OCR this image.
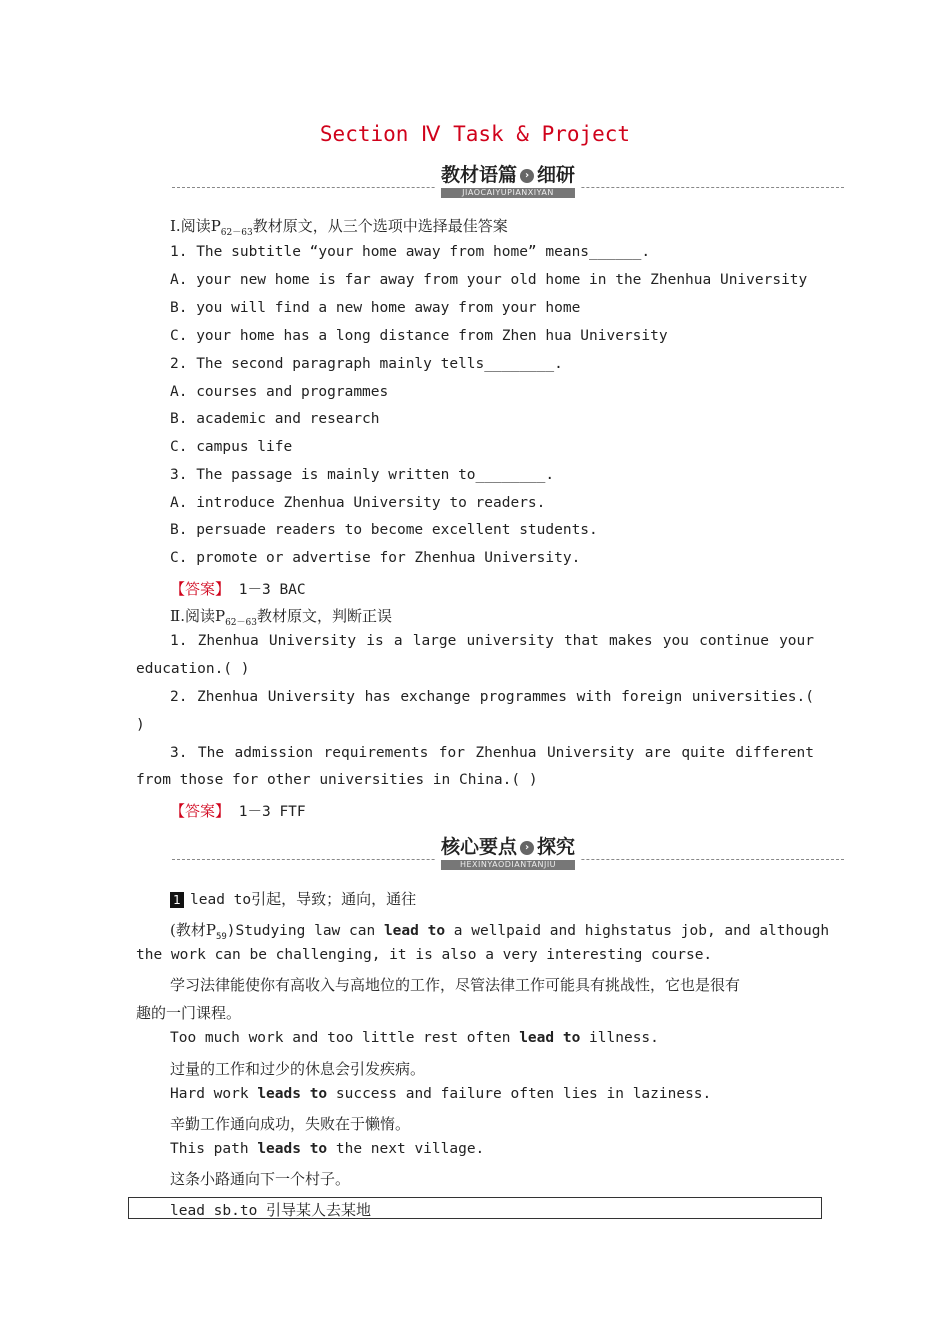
Section Ⅳ Task & Project
教材语篇 › 细研
JIAOCAIYUPIANXIYAN
Ⅰ.阅读$P_{62-63}$教材原文，从三个选项中选择最佳答案
1. The subtitle “your home away from home” means______.
A. your new home is far away from your old home in the Zhenhua University
B. you will find a new home away from your home
C. your home has a long distance from Zhen hua University
2. The second paragraph mainly tells________.
A. courses and programmes
B. academic and research
C. campus life
3. The passage is mainly written to________.
A. introduce Zhenhua University to readers.
B. persuade readers to become excellent students.
C. promote or advertise for Zhenhua University.
【答案】 1－3 BAC
Ⅱ.阅读$P_{62-63}$教材原文，判断正误
1. Zhenhua University is a large university that makes you continue your
education.( )
2. Zhenhua University has exchange programmes with foreign universities.(
)
3. The admission requirements for Zhenhua University are quite different
from those for other universities in China.( )
【答案】 1－3 FTF
核心要点 › 探究
HEXINYAODIANTANJIU
1 lead to引起，导致；通向，通往
(教材$P_{59})Studying$ law can lead to a wellpaid and highstatus job, and although
the work can be challenging, it is also a very interesting course.
学习法律能使你有高收入与高地位的工作，尽管法律工作可能具有挑战性，它也是很有
趣的一门课程。
Too much work and too little rest often lead to illness.
过量的工作和过少的休息会引发疾病。
Hard work leads to success and failure often lies in laziness.
辛勤工作通向成功，失败在于懒惰。
This path leads to the next village.
这条小路通向下一个村子。
lead sb.to 引导某人去某地
